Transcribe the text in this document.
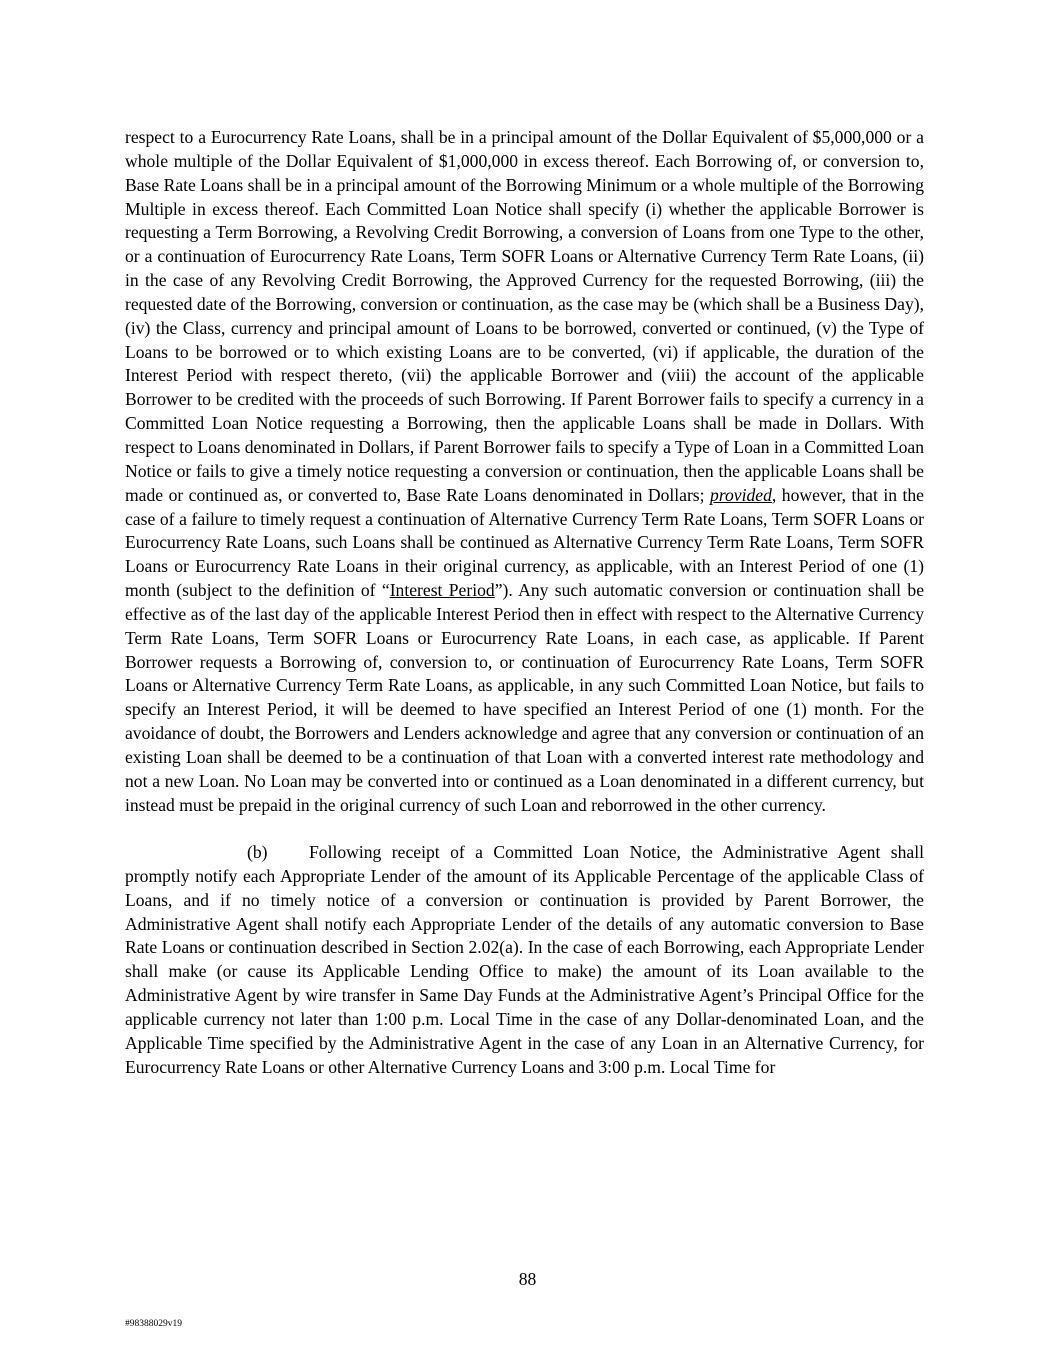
respect to a Eurocurrency Rate Loans, shall be in a principal amount of the Dollar Equivalent of $5,000,000 or a whole multiple of the Dollar Equivalent of $1,000,000 in excess thereof. Each Borrowing of, or conversion to, Base Rate Loans shall be in a principal amount of the Borrowing Minimum or a whole multiple of the Borrowing Multiple in excess thereof. Each Committed Loan Notice shall specify (i) whether the applicable Borrower is requesting a Term Borrowing, a Revolving Credit Borrowing, a conversion of Loans from one Type to the other, or a continuation of Eurocurrency Rate Loans, Term SOFR Loans or Alternative Currency Term Rate Loans, (ii) in the case of any Revolving Credit Borrowing, the Approved Currency for the requested Borrowing, (iii) the requested date of the Borrowing, conversion or continuation, as the case may be (which shall be a Business Day), (iv) the Class, currency and principal amount of Loans to be borrowed, converted or continued, (v) the Type of Loans to be borrowed or to which existing Loans are to be converted, (vi) if applicable, the duration of the Interest Period with respect thereto, (vii) the applicable Borrower and (viii) the account of the applicable Borrower to be credited with the proceeds of such Borrowing. If Parent Borrower fails to specify a currency in a Committed Loan Notice requesting a Borrowing, then the applicable Loans shall be made in Dollars. With respect to Loans denominated in Dollars, if Parent Borrower fails to specify a Type of Loan in a Committed Loan Notice or fails to give a timely notice requesting a conversion or continuation, then the applicable Loans shall be made or continued as, or converted to, Base Rate Loans denominated in Dollars; provided, however, that in the case of a failure to timely request a continuation of Alternative Currency Term Rate Loans, Term SOFR Loans or Eurocurrency Rate Loans, such Loans shall be continued as Alternative Currency Term Rate Loans, Term SOFR Loans or Eurocurrency Rate Loans in their original currency, as applicable, with an Interest Period of one (1) month (subject to the definition of “Interest Period”). Any such automatic conversion or continuation shall be effective as of the last day of the applicable Interest Period then in effect with respect to the Alternative Currency Term Rate Loans, Term SOFR Loans or Eurocurrency Rate Loans, in each case, as applicable. If Parent Borrower requests a Borrowing of, conversion to, or continuation of Eurocurrency Rate Loans, Term SOFR Loans or Alternative Currency Term Rate Loans, as applicable, in any such Committed Loan Notice, but fails to specify an Interest Period, it will be deemed to have specified an Interest Period of one (1) month. For the avoidance of doubt, the Borrowers and Lenders acknowledge and agree that any conversion or continuation of an existing Loan shall be deemed to be a continuation of that Loan with a converted interest rate methodology and not a new Loan. No Loan may be converted into or continued as a Loan denominated in a different currency, but instead must be prepaid in the original currency of such Loan and reborrowed in the other currency.

(b) Following receipt of a Committed Loan Notice, the Administrative Agent shall promptly notify each Appropriate Lender of the amount of its Applicable Percentage of the applicable Class of Loans, and if no timely notice of a conversion or continuation is provided by Parent Borrower, the Administrative Agent shall notify each Appropriate Lender of the details of any automatic conversion to Base Rate Loans or continuation described in Section 2.02(a). In the case of each Borrowing, each Appropriate Lender shall make (or cause its Applicable Lending Office to make) the amount of its Loan available to the Administrative Agent by wire transfer in Same Day Funds at the Administrative Agent’s Principal Office for the applicable currency not later than 1:00 p.m. Local Time in the case of any Dollar-denominated Loan, and the Applicable Time specified by the Administrative Agent in the case of any Loan in an Alternative Currency, for Eurocurrency Rate Loans or other Alternative Currency Loans and 3:00 p.m. Local Time for

88
#98388029v19
